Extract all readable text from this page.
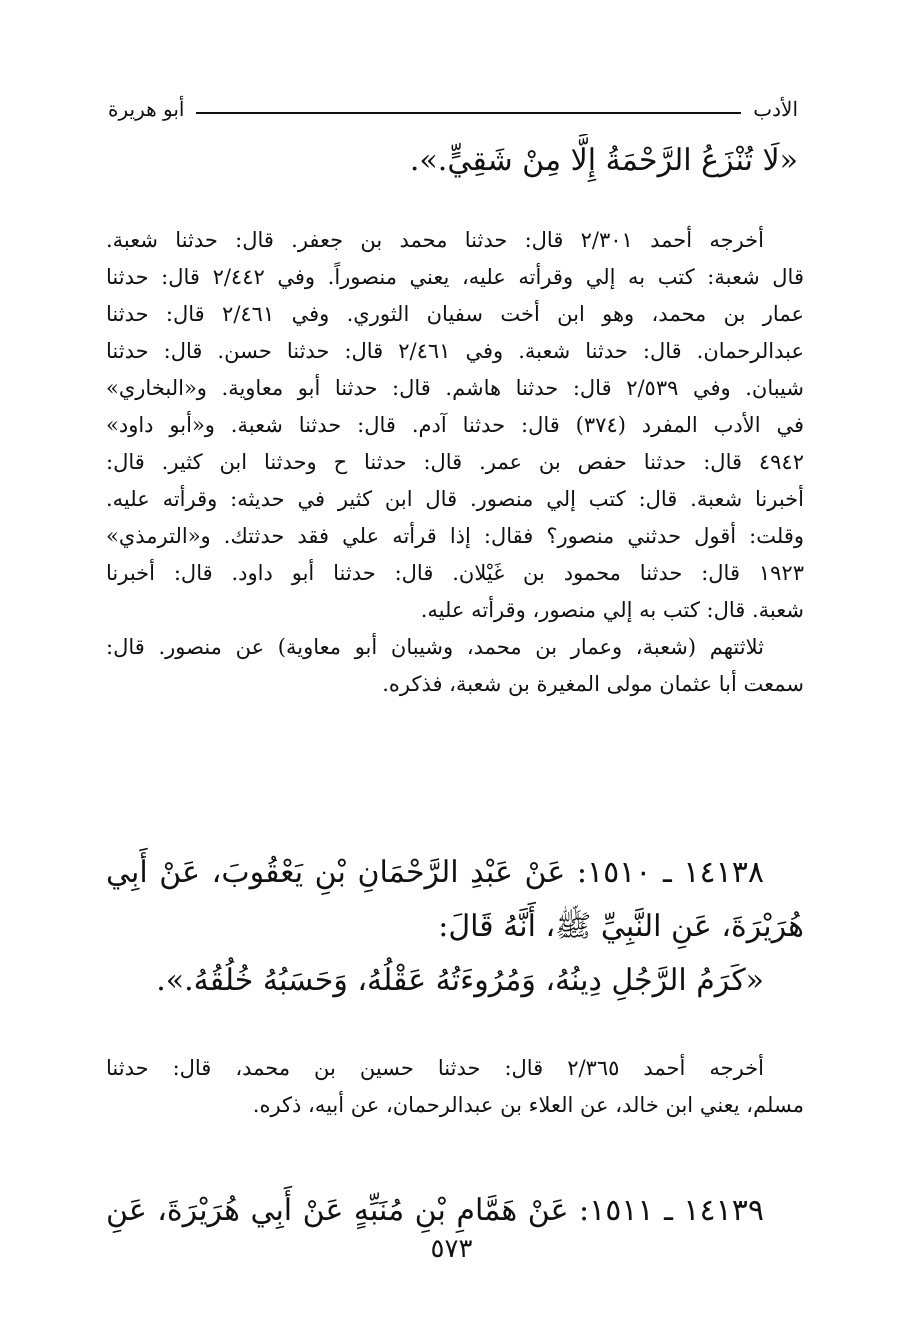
الأدب
أبو هريرة
«لَا تُنْزَعُ الرَّحْمَةُ إِلَّا مِنْ شَقِيٍّ.».
أخرجه أحمد ٢/٣٠١ قال: حدثنا محمد بن جعفر. قال: حدثنا شعبة.
قال شعبة: كتب به إلي وقرأته عليه، يعني منصوراً. وفي ٢/٤٤٢ قال: حدثنا
عمار بن محمد، وهو ابن أخت سفيان الثوري. وفي ٢/٤٦١ قال: حدثنا
عبدالرحمان. قال: حدثنا شعبة. وفي ٢/٤٦١ قال: حدثنا حسن. قال: حدثنا
شيبان. وفي ٢/٥٣٩ قال: حدثنا هاشم. قال: حدثنا أبو معاوية. و«البخاري»
في الأدب المفرد (٣٧٤) قال: حدثنا آدم. قال: حدثنا شعبة. و«أبو داود»
٤٩٤٢ قال: حدثنا حفص بن عمر. قال: حدثنا ح وحدثنا ابن كثير. قال:
أخبرنا شعبة. قال: كتب إلي منصور. قال ابن كثير في حديثه: وقرأته عليه.
وقلت: أقول حدثني منصور؟ فقال: إذا قرأته علي فقد حدثتك. و«الترمذي»
١٩٢٣ قال: حدثنا محمود بن غَيْلان. قال: حدثنا أبو داود. قال: أخبرنا
شعبة. قال: كتب به إلي منصور، وقرأته عليه.
ثلاثتهم (شعبة، وعمار بن محمد، وشيبان أبو معاوية) عن منصور. قال:
سمعت أبا عثمان مولى المغيرة بن شعبة، فذكره.
١٤١٣٨ ـ ١٥١٠: عَنْ عَبْدِ الرَّحْمَانِ بْنِ يَعْقُوبَ، عَنْ أَبِي
هُرَيْرَةَ، عَنِ النَّبِيِّ ﷺ، أَنَّهُ قَالَ:
«كَرَمُ الرَّجُلِ دِينُهُ، وَمُرُوءَتُهُ عَقْلُهُ، وَحَسَبُهُ خُلُقُهُ.».
أخرجه أحمد ٢/٣٦٥ قال: حدثنا حسين بن محمد، قال: حدثنا
مسلم، يعني ابن خالد، عن العلاء بن عبدالرحمان، عن أبيه، ذكره.
١٤١٣٩ ـ ١٥١١: عَنْ هَمَّامِ بْنِ مُنَبِّهٍ عَنْ أَبِي هُرَيْرَةَ، عَنِ
٥٧٣
